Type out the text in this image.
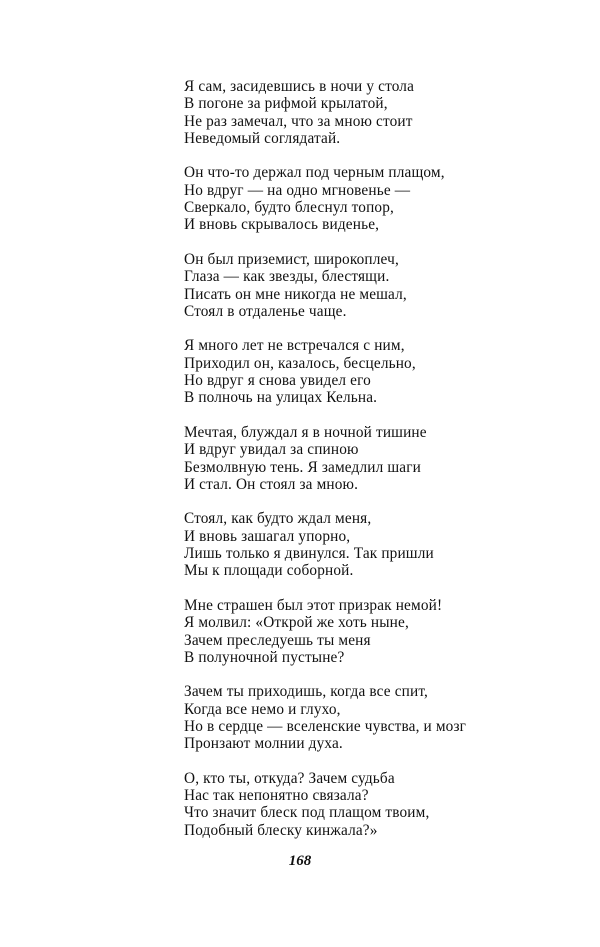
Я сам, засидевшись в ночи у стола
В погоне за рифмой крылатой,
Не раз замечал, что за мною стоит
Неведомый соглядатай.
Он что-то держал под черным плащом,
Но вдруг — на одно мгновенье —
Сверкало, будто блеснул топор,
И вновь скрывалось виденье,
Он был приземист, широкоплеч,
Глаза — как звезды, блестящи.
Писать он мне никогда не мешал,
Стоял в отдаленье чаще.
Я много лет не встречался с ним,
Приходил он, казалось, бесцельно,
Но вдруг я снова увидел его
В полночь на улицах Кельна.
Мечтая, блуждал я в ночной тишине
И вдруг увидал за спиною
Безмолвную тень. Я замедлил шаги
И стал. Он стоял за мною.
Стоял, как будто ждал меня,
И вновь зашагал упорно,
Лишь только я двинулся. Так пришли
Мы к площади соборной.
Мне страшен был этот призрак немой!
Я молвил: «Открой же хоть ныне,
Зачем преследуешь ты меня
В полуночной пустыне?
Зачем ты приходишь, когда все спит,
Когда все немо и глухо,
Но в сердце — вселенские чувства, и мозг
Пронзают молнии духа.
О, кто ты, откуда? Зачем судьба
Нас так непонятно связала?
Что значит блеск под плащом твоим,
Подобный блеску кинжала?»
168
